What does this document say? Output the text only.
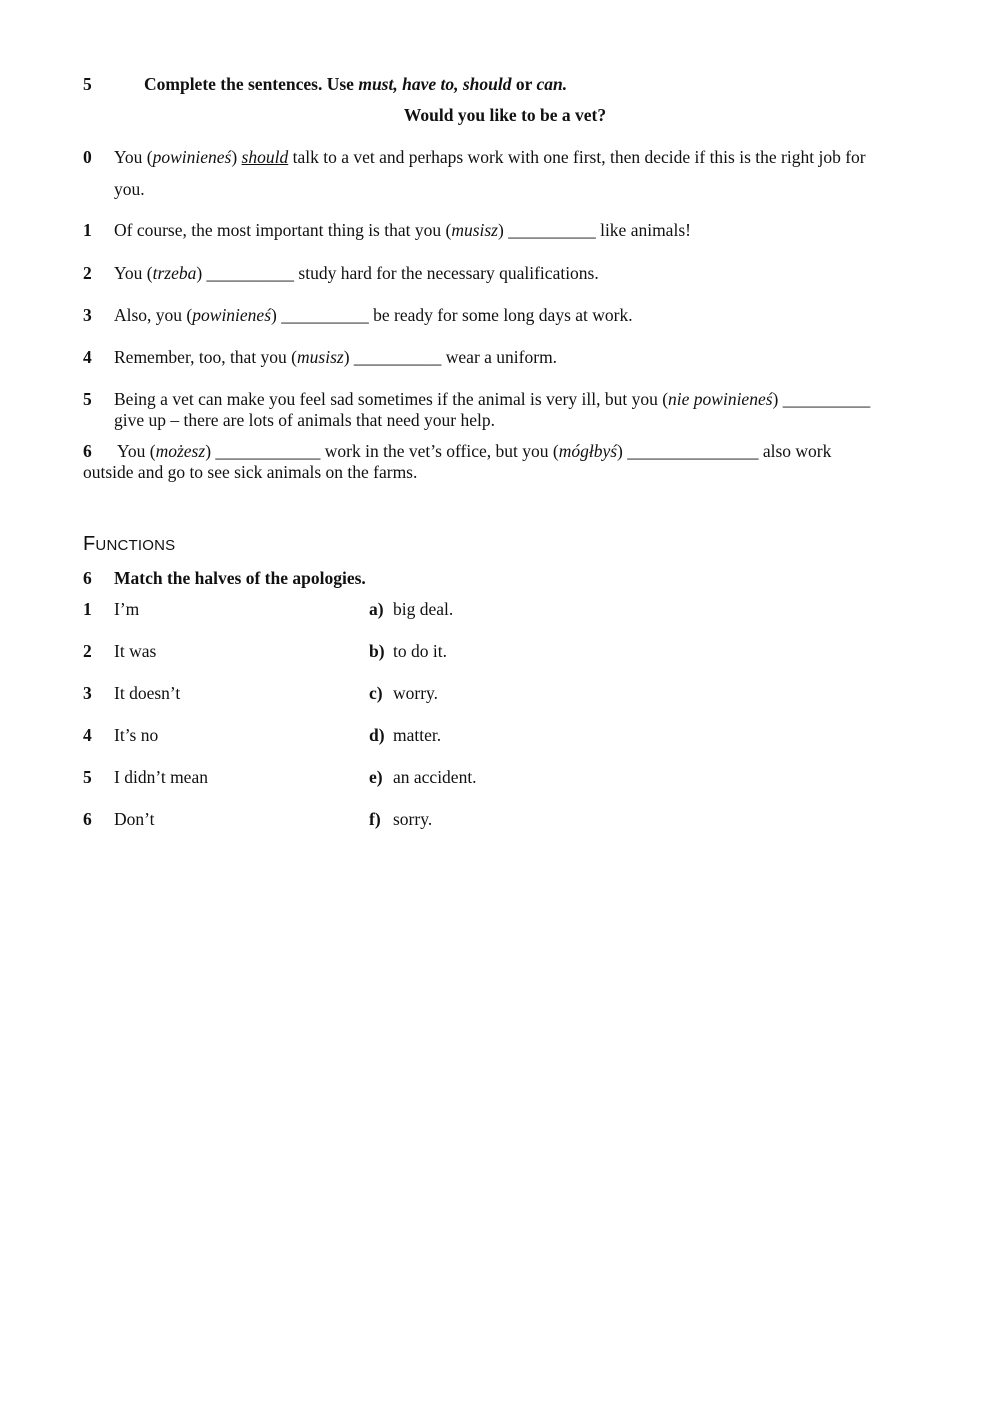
5	Complete the sentences. Use must, have to, should or can.
Would you like to be a vet?
0 You (powinieneś) should talk to a vet and perhaps work with one first, then decide if this is the right job for
you.
1 Of course, the most important thing is that you (musisz) __________ like animals!
2 You (trzeba) __________ study hard for the necessary qualifications.
3 Also, you (powinieneś) __________ be ready for some long days at work.
4 Remember, too, that you (musisz) __________ wear a uniform.
5 Being a vet can make you feel sad sometimes if the animal is very ill, but you (nie powinieneś) __________
give up – there are lots of animals that need your help.
6 You (możesz) ____________ work in the vet’s office, but you (mógłbyś) _______________ also work
outside and go to see sick animals on the farms.
FUNCTIONS
6 Match the halves of the apologies.
1 I’m	a) big deal.
2 It was	b) to do it.
3 It doesn’t	c) worry.
4 It’s no	d) matter.
5 I didn’t mean	e) an accident.
6 Don’t	f) sorry.
